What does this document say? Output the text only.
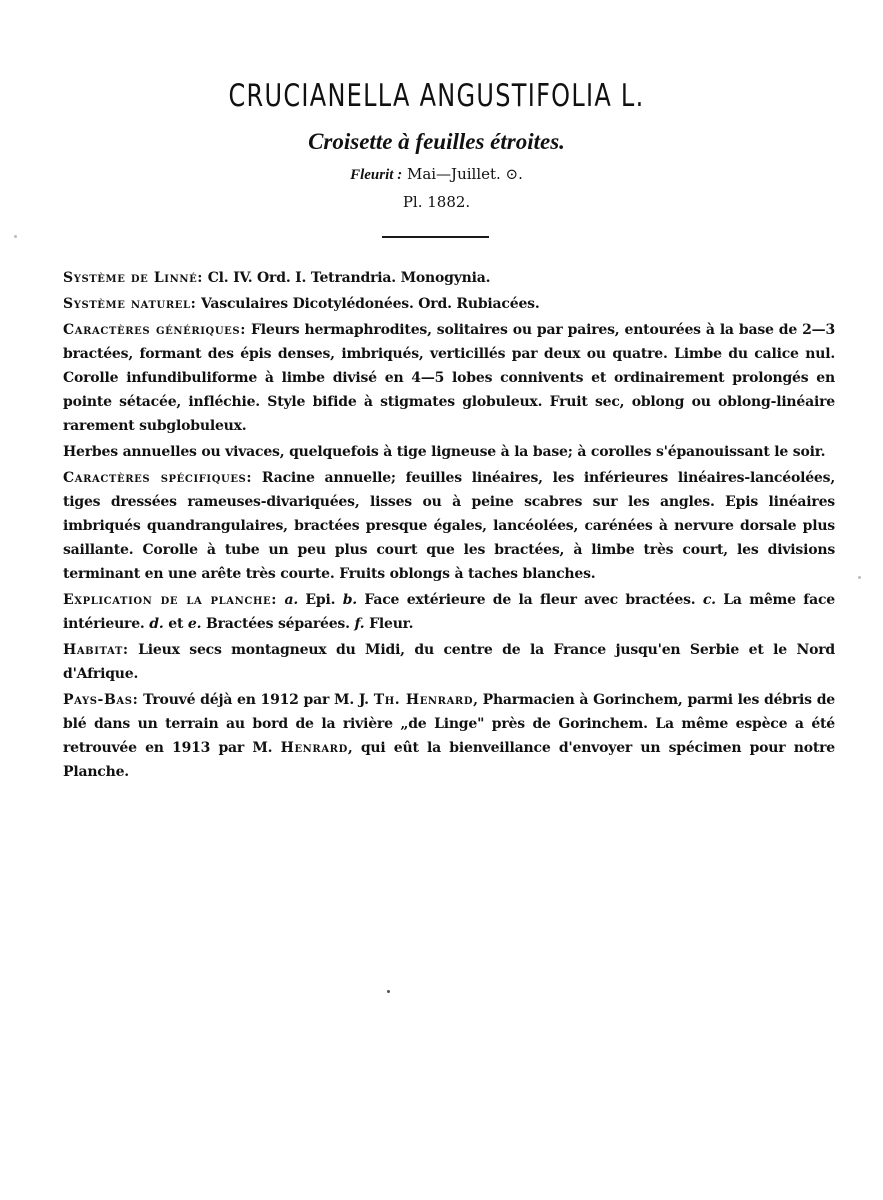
CRUCIANELLA ANGUSTIFOLIA L.
Croisette à feuilles étroites.
Fleurit : Mai—Juillet. ⊙.
Pl. 1882.

Système de Linné: Cl. IV. Ord. I. Tetrandria. Monogynia.

Système naturel: Vasculaires Dicotylédonées. Ord. Rubiacées.

Caractères génériques: Fleurs hermaphrodites, solitaires ou par paires, entourées à la base de 2—3 bractées, formant des épis denses, imbriqués, verticillés par deux ou quatre. Limbe du calice nul. Corolle infundibuliforme à limbe divisé en 4—5 lobes connivents et ordinairement prolongés en pointe sétacée, infléchie. Style bifide à stigmates globuleux. Fruit sec, oblong ou oblong-linéaire rarement subglobuleux.

Herbes annuelles ou vivaces, quelquefois à tige ligneuse à la base; à corolles s'épanouissant le soir.

Caractères spécifiques: Racine annuelle; feuilles linéaires, les inférieures linéaires-lancéolées, tiges dressées rameuses-divariquées, lisses ou à peine scabres sur les angles. Epis linéaires imbriqués quandrangulaires, bractées presque égales, lancéolées, carénées à nervure dorsale plus saillante. Corolle à tube un peu plus court que les bractées, à limbe très court, les divisions terminant en une arête très courte. Fruits oblongs à taches blanches.

Explication de la planche: a. Epi. b. Face extérieure de la fleur avec bractées. c. La même face intérieure. d. et e. Bractées séparées. f. Fleur.

Habitat: Lieux secs montagneux du Midi, du centre de la France jusqu'en Serbie et le Nord d'Afrique.

Pays-Bas: Trouvé déjà en 1912 par M. J. Th. Henrard, Pharmacien à Gorinchem, parmi les débris de blé dans un terrain au bord de la rivière „de Linge" près de Gorinchem. La même espèce a été retrouvée en 1913 par M. Henrard, qui eût la bienveillance d'envoyer un spécimen pour notre Planche.
